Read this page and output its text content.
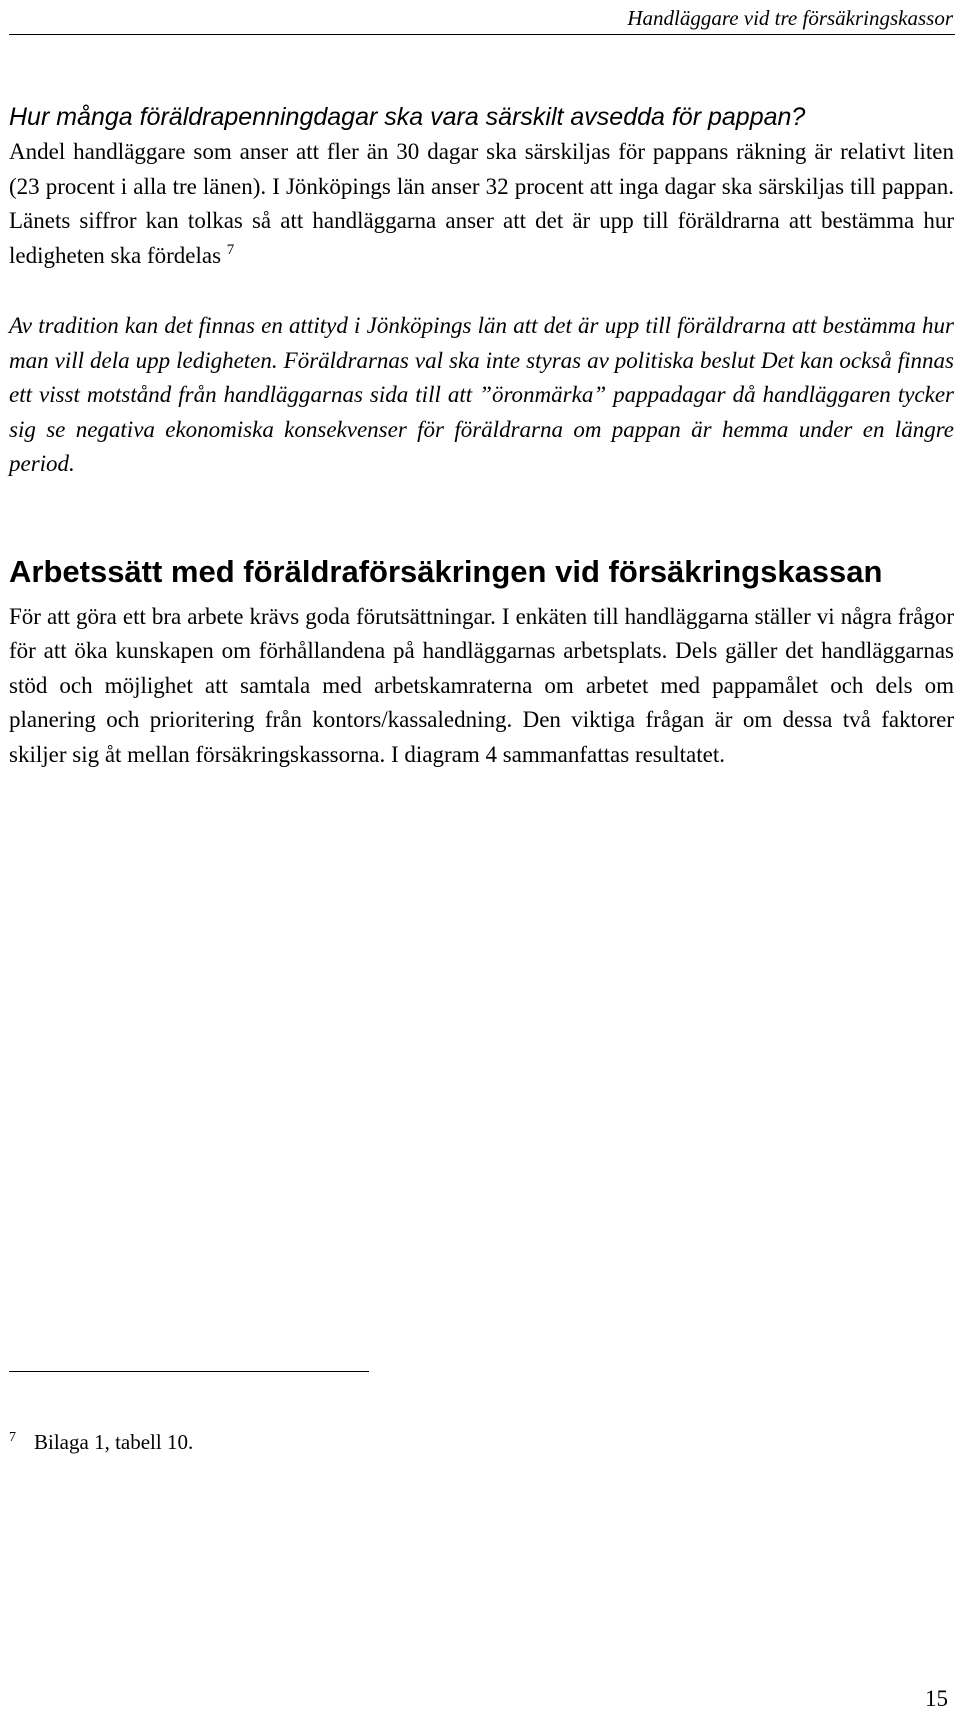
Handläggare vid tre försäkringskassor
Hur många föräldrapenningdagar ska vara särskilt avsedda för pappan?

Andel handläggare som anser att fler än 30 dagar ska särskiljas för pappans räkning är relativt liten (23 procent i alla tre länen). I Jönköpings län anser 32 procent att inga dagar ska särskiljas till pappan. Länets siffror kan tolkas så att handläggarna anser att det är upp till föräldrarna att bestämma hur ledigheten ska fördelas $^7$

Av tradition kan det finnas en attityd i Jönköpings län att det är upp till föräldrarna att bestämma hur man vill dela upp ledigheten. Föräldrarnas val ska inte styras av politiska beslut Det kan också finnas ett visst motstånd från handläggarnas sida till att ”öronmärka” pappadagar då handläggaren tycker sig se negativa ekonomiska konsekvenser för föräldrarna om pappan är hemma under en längre period.

Arbetssätt med föräldraförsäkringen vid försäkringskassan

För att göra ett bra arbete krävs goda förutsättningar. I enkäten till handläggarna ställer vi några frågor för att öka kunskapen om förhållandena på handläggarnas arbetsplats. Dels gäller det handläggarnas stöd och möjlighet att samtala med arbetskamraterna om arbetet med pappamålet och dels om planering och prioritering från kontors/kassaledning. Den viktiga frågan är om dessa två faktorer skiljer sig åt mellan försäkringskassorna. I diagram 4 sammanfattas resultatet.

$^7$ Bilaga 1, tabell 10.
15
